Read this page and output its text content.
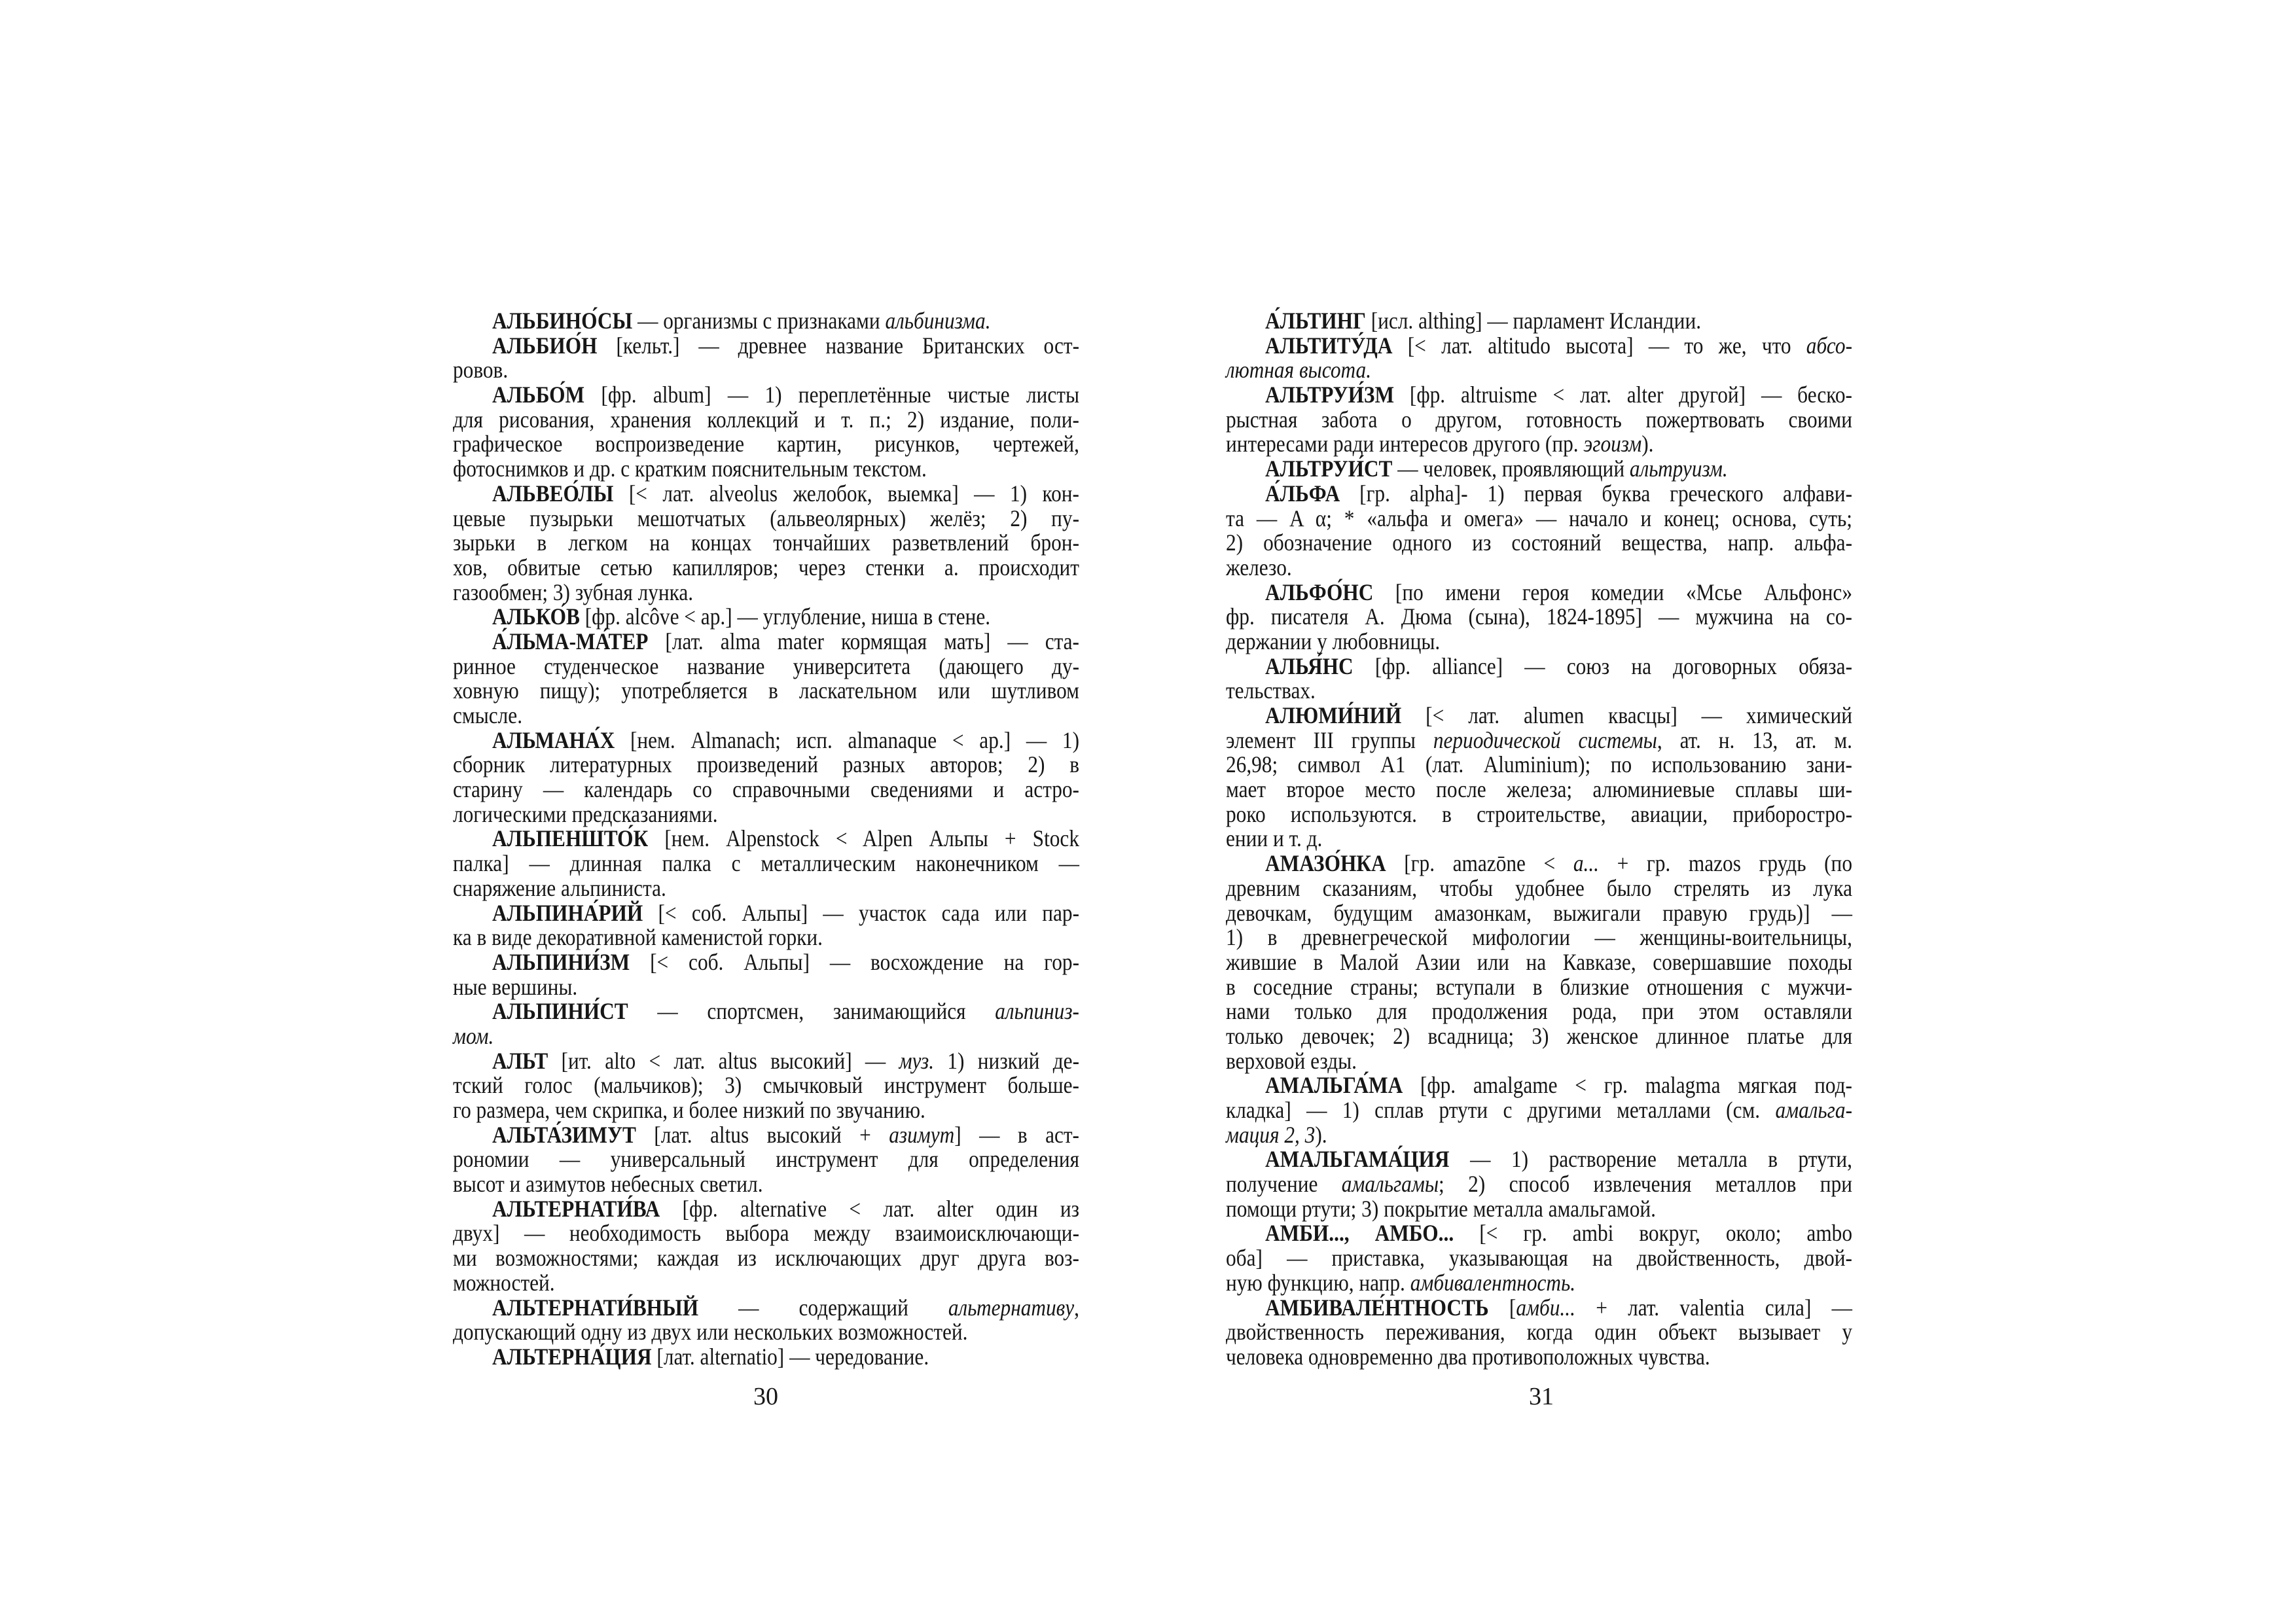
АЛЬБИНО́СЫ — организмы с признаками альбинизма.
АЛЬБИО́Н [кельт.] — древнее название Британских ост-
ровов.
АЛЬБО́М [фр. album] — 1) переплетённые чистые листы
для рисования, хранения коллекций и т. п.; 2) издание, поли-
графическое воспроизведение картин, рисунков, чертежей,
фотоснимков и др. с кратким пояснительным текстом.
АЛЬВЕО́ЛЫ [< лат. alveolus желобок, выемка] — 1) кон-
цевые пузырьки мешотчатых (альвеолярных) желёз; 2) пу-
зырьки в легком на концах тончайших разветвлений брон-
хов, обвитые сетью капилляров; через стенки а. происходит
газообмен; 3) зубная лунка.
АЛЬКО́В [фр. alcôve < ар.] — углубление, ниша в стене.
А́ЛЬМА-МА́ТЕР [лат. alma mater кормящая мать] — ста-
ринное студенческое название университета (дающего ду-
ховную пищу); употребляется в ласкательном или шутливом
смысле.
АЛЬМАНА́Х [нем. Almanach; исп. almanaque < ар.] — 1)
сборник литературных произведений разных авторов; 2) в
старину — календарь со справочными сведениями и астро-
логическими предсказаниями.
АЛЬПЕНШТО́К [нем. Alpenstock < Alpen Альпы + Stock
палка] — длинная палка с металлическим наконечником —
снаряжение альпиниста.
АЛЬПИНА́РИЙ [< соб. Альпы] — участок сада или пар-
ка в виде декоративной каменистой горки.
АЛЬПИНИ́ЗМ [< соб. Альпы] — восхождение на гор-
ные вершины.
АЛЬПИНИ́СТ — спортсмен, занимающийся альпиниз-
мом.
АЛЬТ [ит. alto < лат. altus высокий] — муз. 1) низкий де-
тский голос (мальчиков); 3) смычковый инструмент больше-
го размера, чем скрипка, и более низкий по звучанию.
АЛЬТА́ЗИМУТ [лат. altus высокий + азимут] — в аст-
рономии — универсальный инструмент для определения
высот и азимутов небесных светил.
АЛЬТЕРНАТИ́ВА [фр. alternative < лат. alter один из
двух] — необходимость выбора между взаимоисключающи-
ми возможностями; каждая из исключающих друг друга воз-
можностей.
АЛЬТЕРНАТИ́ВНЫЙ — содержащий альтернативу,
допускающий одну из двух или нескольких возможностей.
АЛЬТЕРНА́ЦИЯ [лат. alternatio] — чередование.
А́ЛЬТИНГ [исл. althing] — парламент Исландии.
АЛЬТИТУ́ДА [< лат. altitudo высота] — то же, что абсо-
лютная высота.
АЛЬТРУИ́ЗМ [фр. altruisme < лат. alter другой] — беско-
рыстная забота о другом, готовность пожертвовать своими
интересами ради интересов другого (пр. эгоизм).
АЛЬТРУИ́СТ — человек, проявляющий альтруизм.
А́ЛЬФА [гр. alpha]- 1) первая буква греческого алфави-
та — Α α; * «альфа и омега» — начало и конец; основа, суть;
2) обозначение одного из состояний вещества, напр. альфа-
железо.
АЛЬФО́НС [по имени героя комедии «Мсье Альфонс»
фр. писателя А. Дюма (сына), 1824-1895] — мужчина на со-
держании у любовницы.
АЛЬЯ́НС [фр. alliance] — союз на договорных обяза-
тельствах.
АЛЮМИ́НИЙ [< лат. alumen квасцы] — химический
элемент III группы периодической системы, ат. н. 13, ат. м.
26,98; символ A1 (лат. Aluminium); по использованию зани-
мает второе место после железа; алюминиевые сплавы ши-
роко используются. в строительстве, авиации, приборостро-
ении и т. д.
АМАЗО́НКА [гр. amazōne < а... + гр. mazos грудь (по
древним сказаниям, чтобы удобнее было стрелять из лука
девочкам, будущим амазонкам, выжигали правую грудь)] —
1) в древнегреческой мифологии — женщины-воительницы,
жившие в Малой Азии или на Кавказе, совершавшие походы
в соседние страны; вступали в близкие отношения с мужчи-
нами только для продолжения рода, при этом оставляли
только девочек; 2) всадница; 3) женское длинное платье для
верховой езды.
АМАЛЬГА́МА [фр. amalgame < гр. malagma мягкая под-
кладка] — 1) сплав ртути с другими металлами (см. амальга-
мация 2, 3).
АМАЛЬГАМА́ЦИЯ — 1) растворение металла в ртути,
получение амальгамы; 2) способ извлечения металлов при
помощи ртути; 3) покрытие металла амальгамой.
АМБИ..., АМБО... [< гр. ambi вокруг, около; ambo
оба] — приставка, указывающая на двойственность, двой-
ную функцию, напр. амбивалентность.
АМБИВАЛЕ́НТНОСТЬ [амби... + лат. valentia сила] —
двойственность переживания, когда один объект вызывает у
человека одновременно два противоположных чувства.
30	31
